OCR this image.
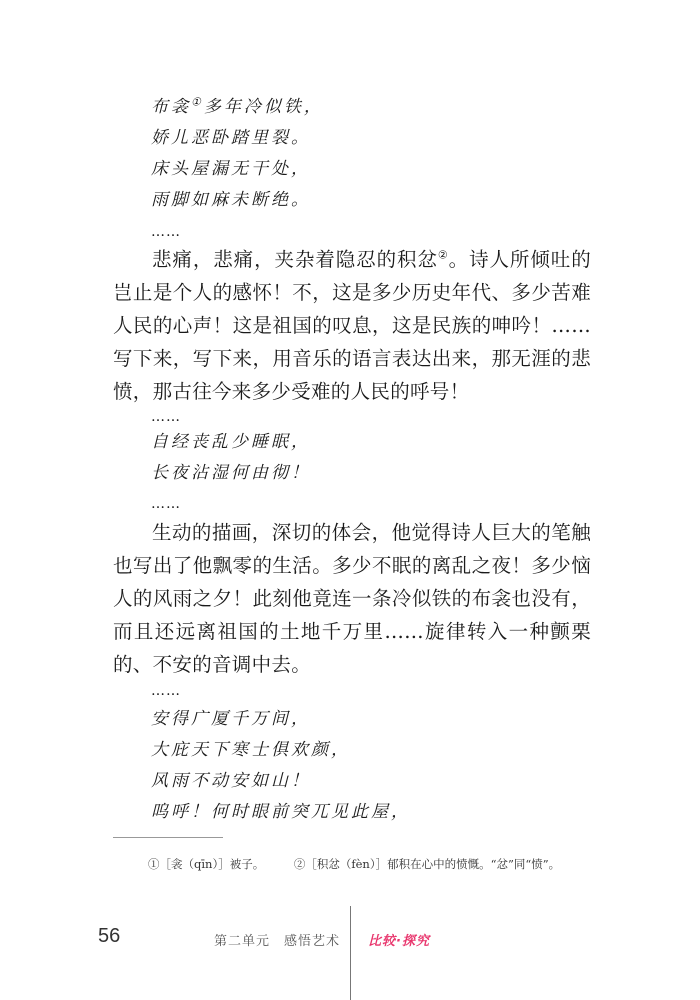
布衾①多年冷似铁，
娇儿恶卧踏里裂。
床头屋漏无干处，
雨脚如麻未断绝。
……

悲痛，悲痛，夹杂着隐忍的积忿②。诗人所倾吐的岂止是个人的感怀！不，这是多少历史年代、多少苦难人民的心声！这是祖国的叹息，这是民族的呻吟！……写下来，写下来，用音乐的语言表达出来，那无涯的悲愤，那古往今来多少受难的人民的呼号！

……
自经丧乱少睡眠，
长夜沾湿何由彻！
……

生动的描画，深切的体会，他觉得诗人巨大的笔触也写出了他飘零的生活。多少不眠的离乱之夜！多少恼人的风雨之夕！此刻他竟连一条冷似铁的布衾也没有，而且还远离祖国的土地千万里……旋律转入一种颤栗的、不安的音调中去。

……
安得广厦千万间，
大庇天下寒士俱欢颜，
风雨不动安如山！
呜呼！何时眼前突兀见此屋，
①［衾（qīn）］被子。	②［积忿（fèn）］郁积在心中的愤慨。“忿”同“愤”。
56	第二单元　感悟艺术 比较·探究
